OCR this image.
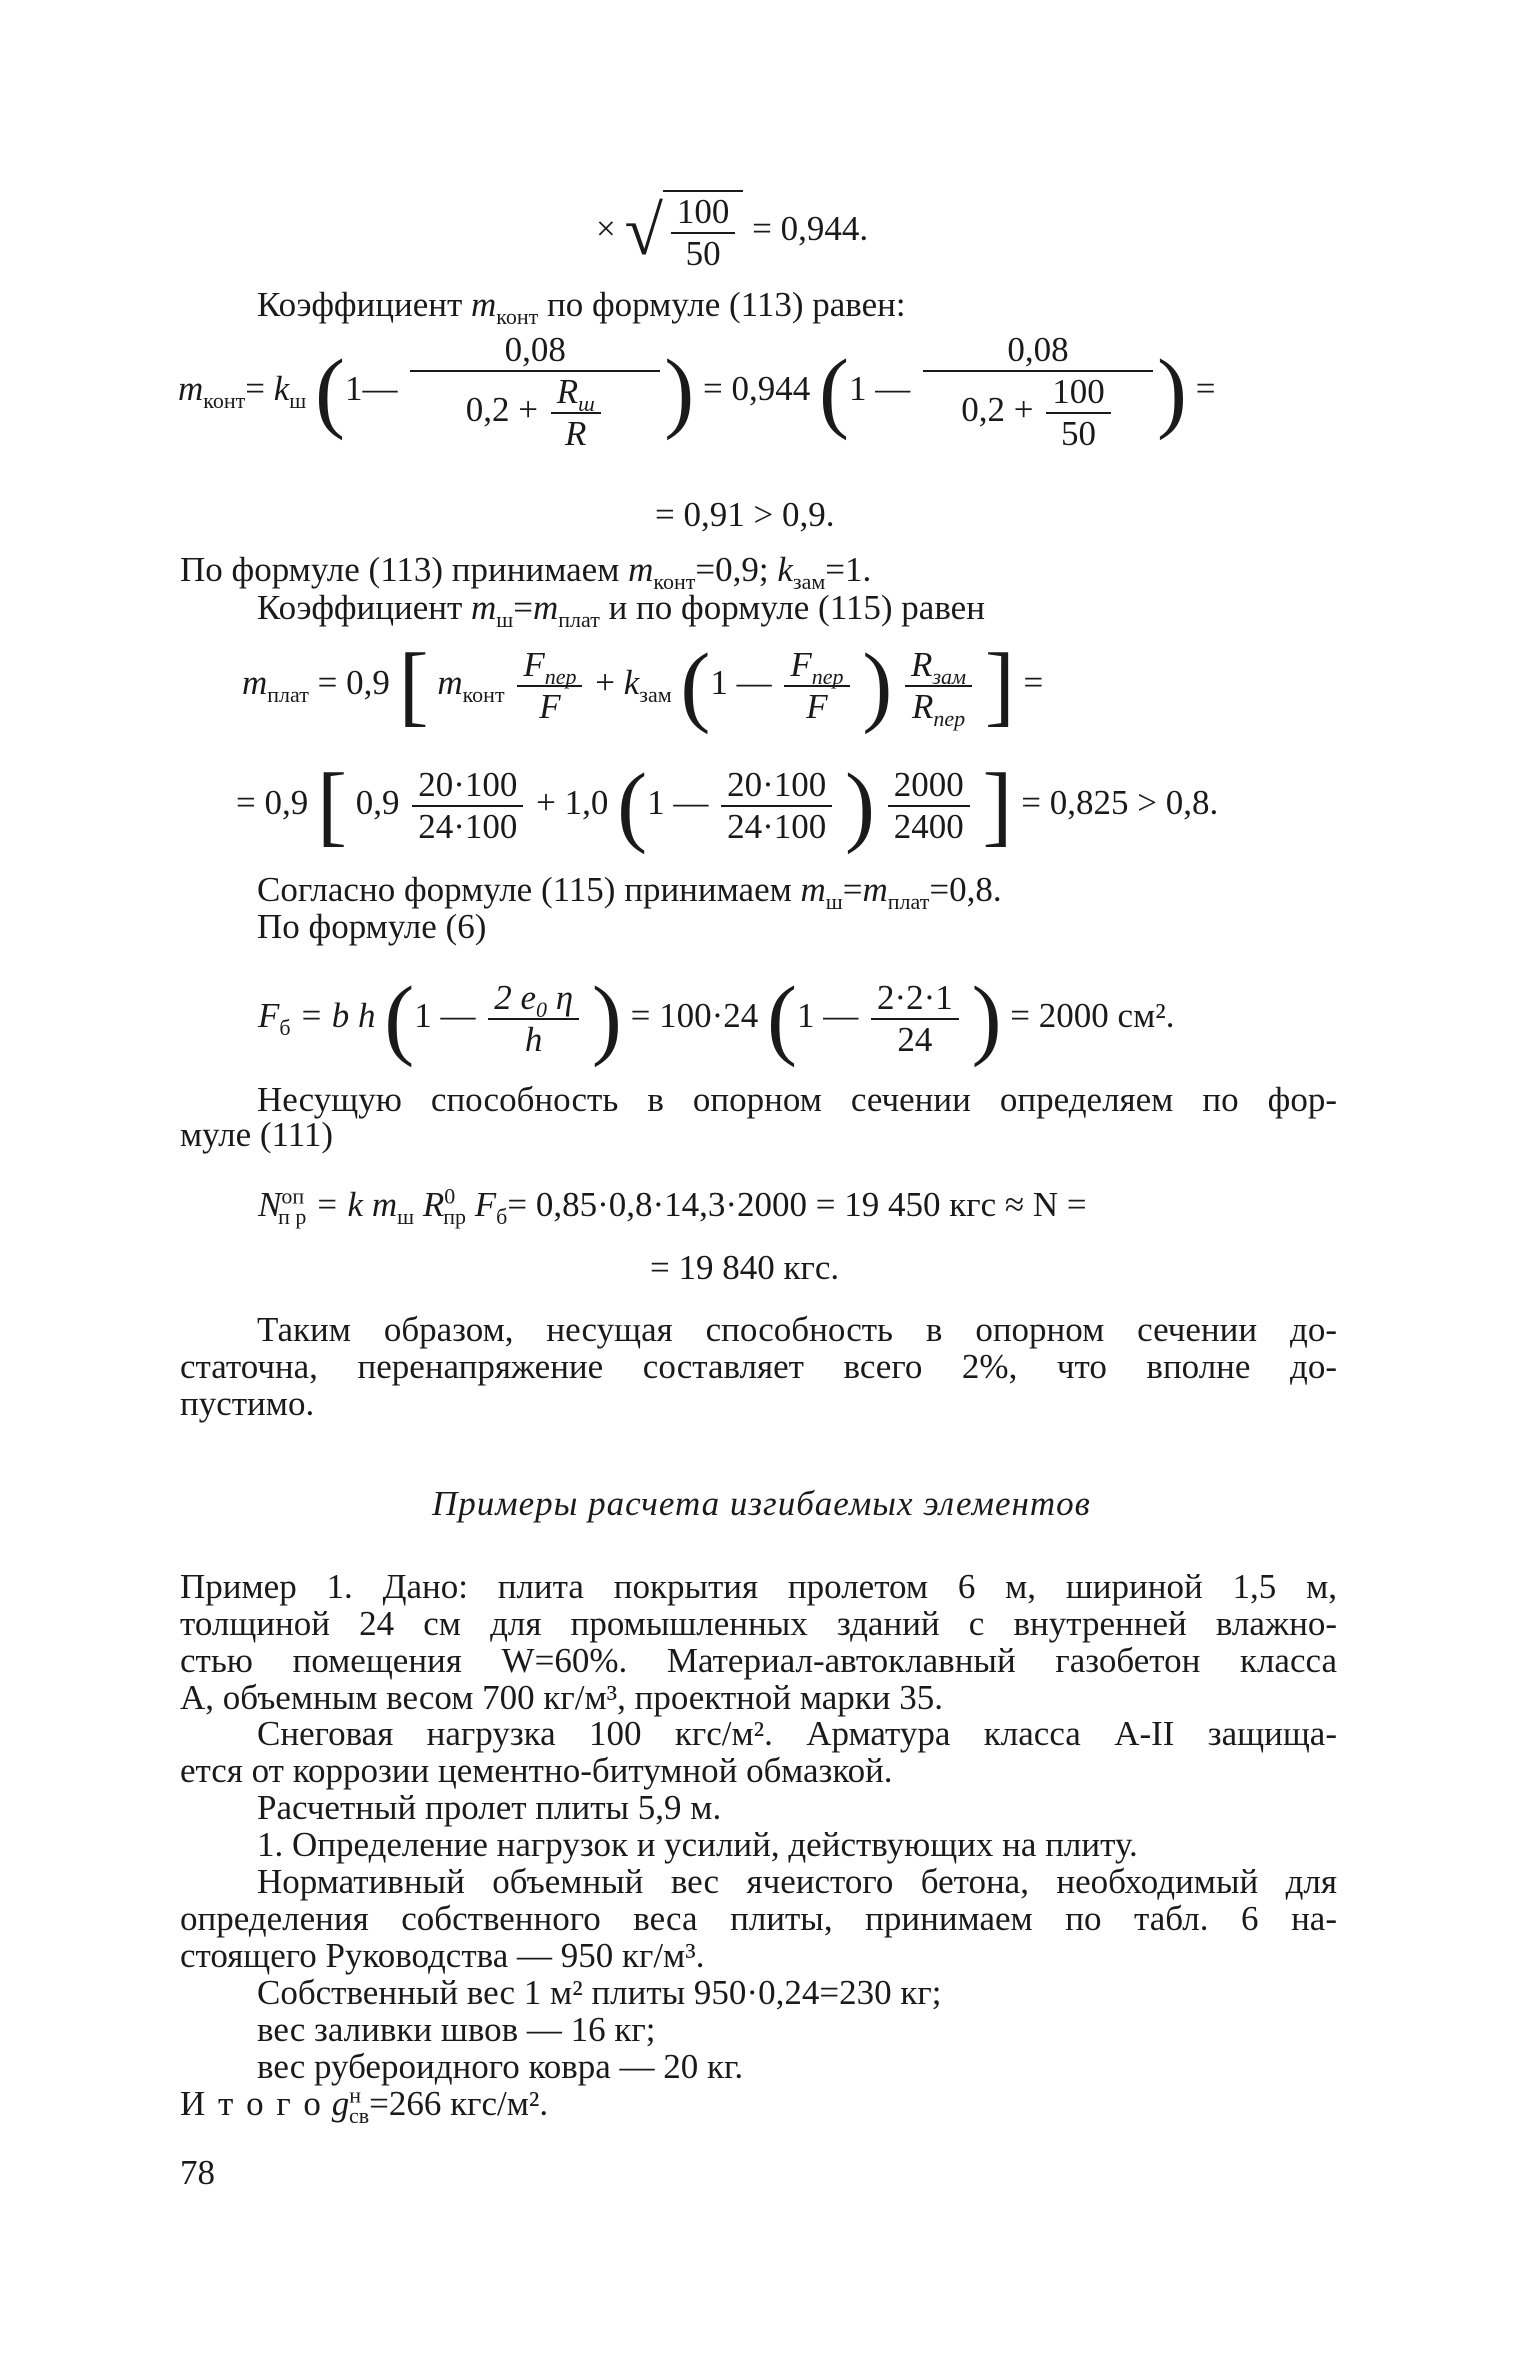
× √ $\frac{100}{50} = 0,944$.
Коэффициент $m_{конт}$ по формуле (113) равен:
$m_{конт}= k_ш$ (1— $\frac{0,08}{0,2 + \frac{R_ш}{R}}$ ) = 0,944 (1 — $\frac{0,08}{0,2 + \frac{100}{50}}$ ) =
= 0,91 > 0,9.
По формуле (113) принимаем $m_{конт}=0,9$; $k_{зам}=1$.
Коэффициент $m_ш=m_{плат}$ и по формуле (115) равен
$m_{плат} = 0,9$ [ $m_{конт} \frac{F_{пер}}{F} + k_{зам}$ (1 — $\frac{F_{пер}}{F}$ ) $\frac{R_{зам}}{R_{пер}}$ ] =
= 0,9 [ $0,9 \frac{20\cdot 100}{24\cdot 100} + 1,0$ (1 — $\frac{20\cdot 100}{24\cdot 100}$ ) $\frac{2000}{2400}$ ] = 0,825 > 0,8.
Согласно формуле (115) принимаем $m_ш=m_{плат}=0,8$.
По формуле (6)
$F_б = b$ h (1 — $\frac{2 e_0 \eta}{h}$ ) = 100·24 (1 — $\frac{2\cdot 2\cdot 1}{24}$ ) = 2000 см².
Несущую способность в опорном сечении определяем по фор-
муле (111)
$N^{оп}_{п р} = k$ $m_ш$ $R^0_{пр}$ $F_б= 0,85\cdot 0,8\cdot 14,3\cdot 2000 = 19$ 450 кгс ≈ N =
= 19 840 кгс.
Таким образом, несущая способность в опорном сечении до-
статочна, перенапряжение составляет всего 2%, что вполне до-
пустимо.
Примеры расчета изгибаемых элементов
Пример 1. Дано: плита покрытия пролетом 6 м, шириной 1,5 м,
толщиной 24 см для промышленных зданий с внутренней влажно-
стью помещения W=60%. Материал-автоклавный газобетон класса
А, объемным весом 700 кг/м³, проектной марки 35.
Снеговая нагрузка 100 кгс/м². Арматура класса А-II защища-
ется от коррозии цементно-битумной обмазкой.
Расчетный пролет плиты 5,9 м.
1. Определение нагрузок и усилий, действующих на плиту.
Нормативный объемный вес ячеистого бетона, необходимый для
определения собственного веса плиты, принимаем по табл. 6 на-
стоящего Руководства — 950 кг/м³.
Собственный вес 1 м² плиты 950·0,24=230 кг;
вес заливки швов — 16 кг;
вес рубероидного ковра — 20 кг.
И т о г о $g^н_{св}=266$ кгс/м².
78
